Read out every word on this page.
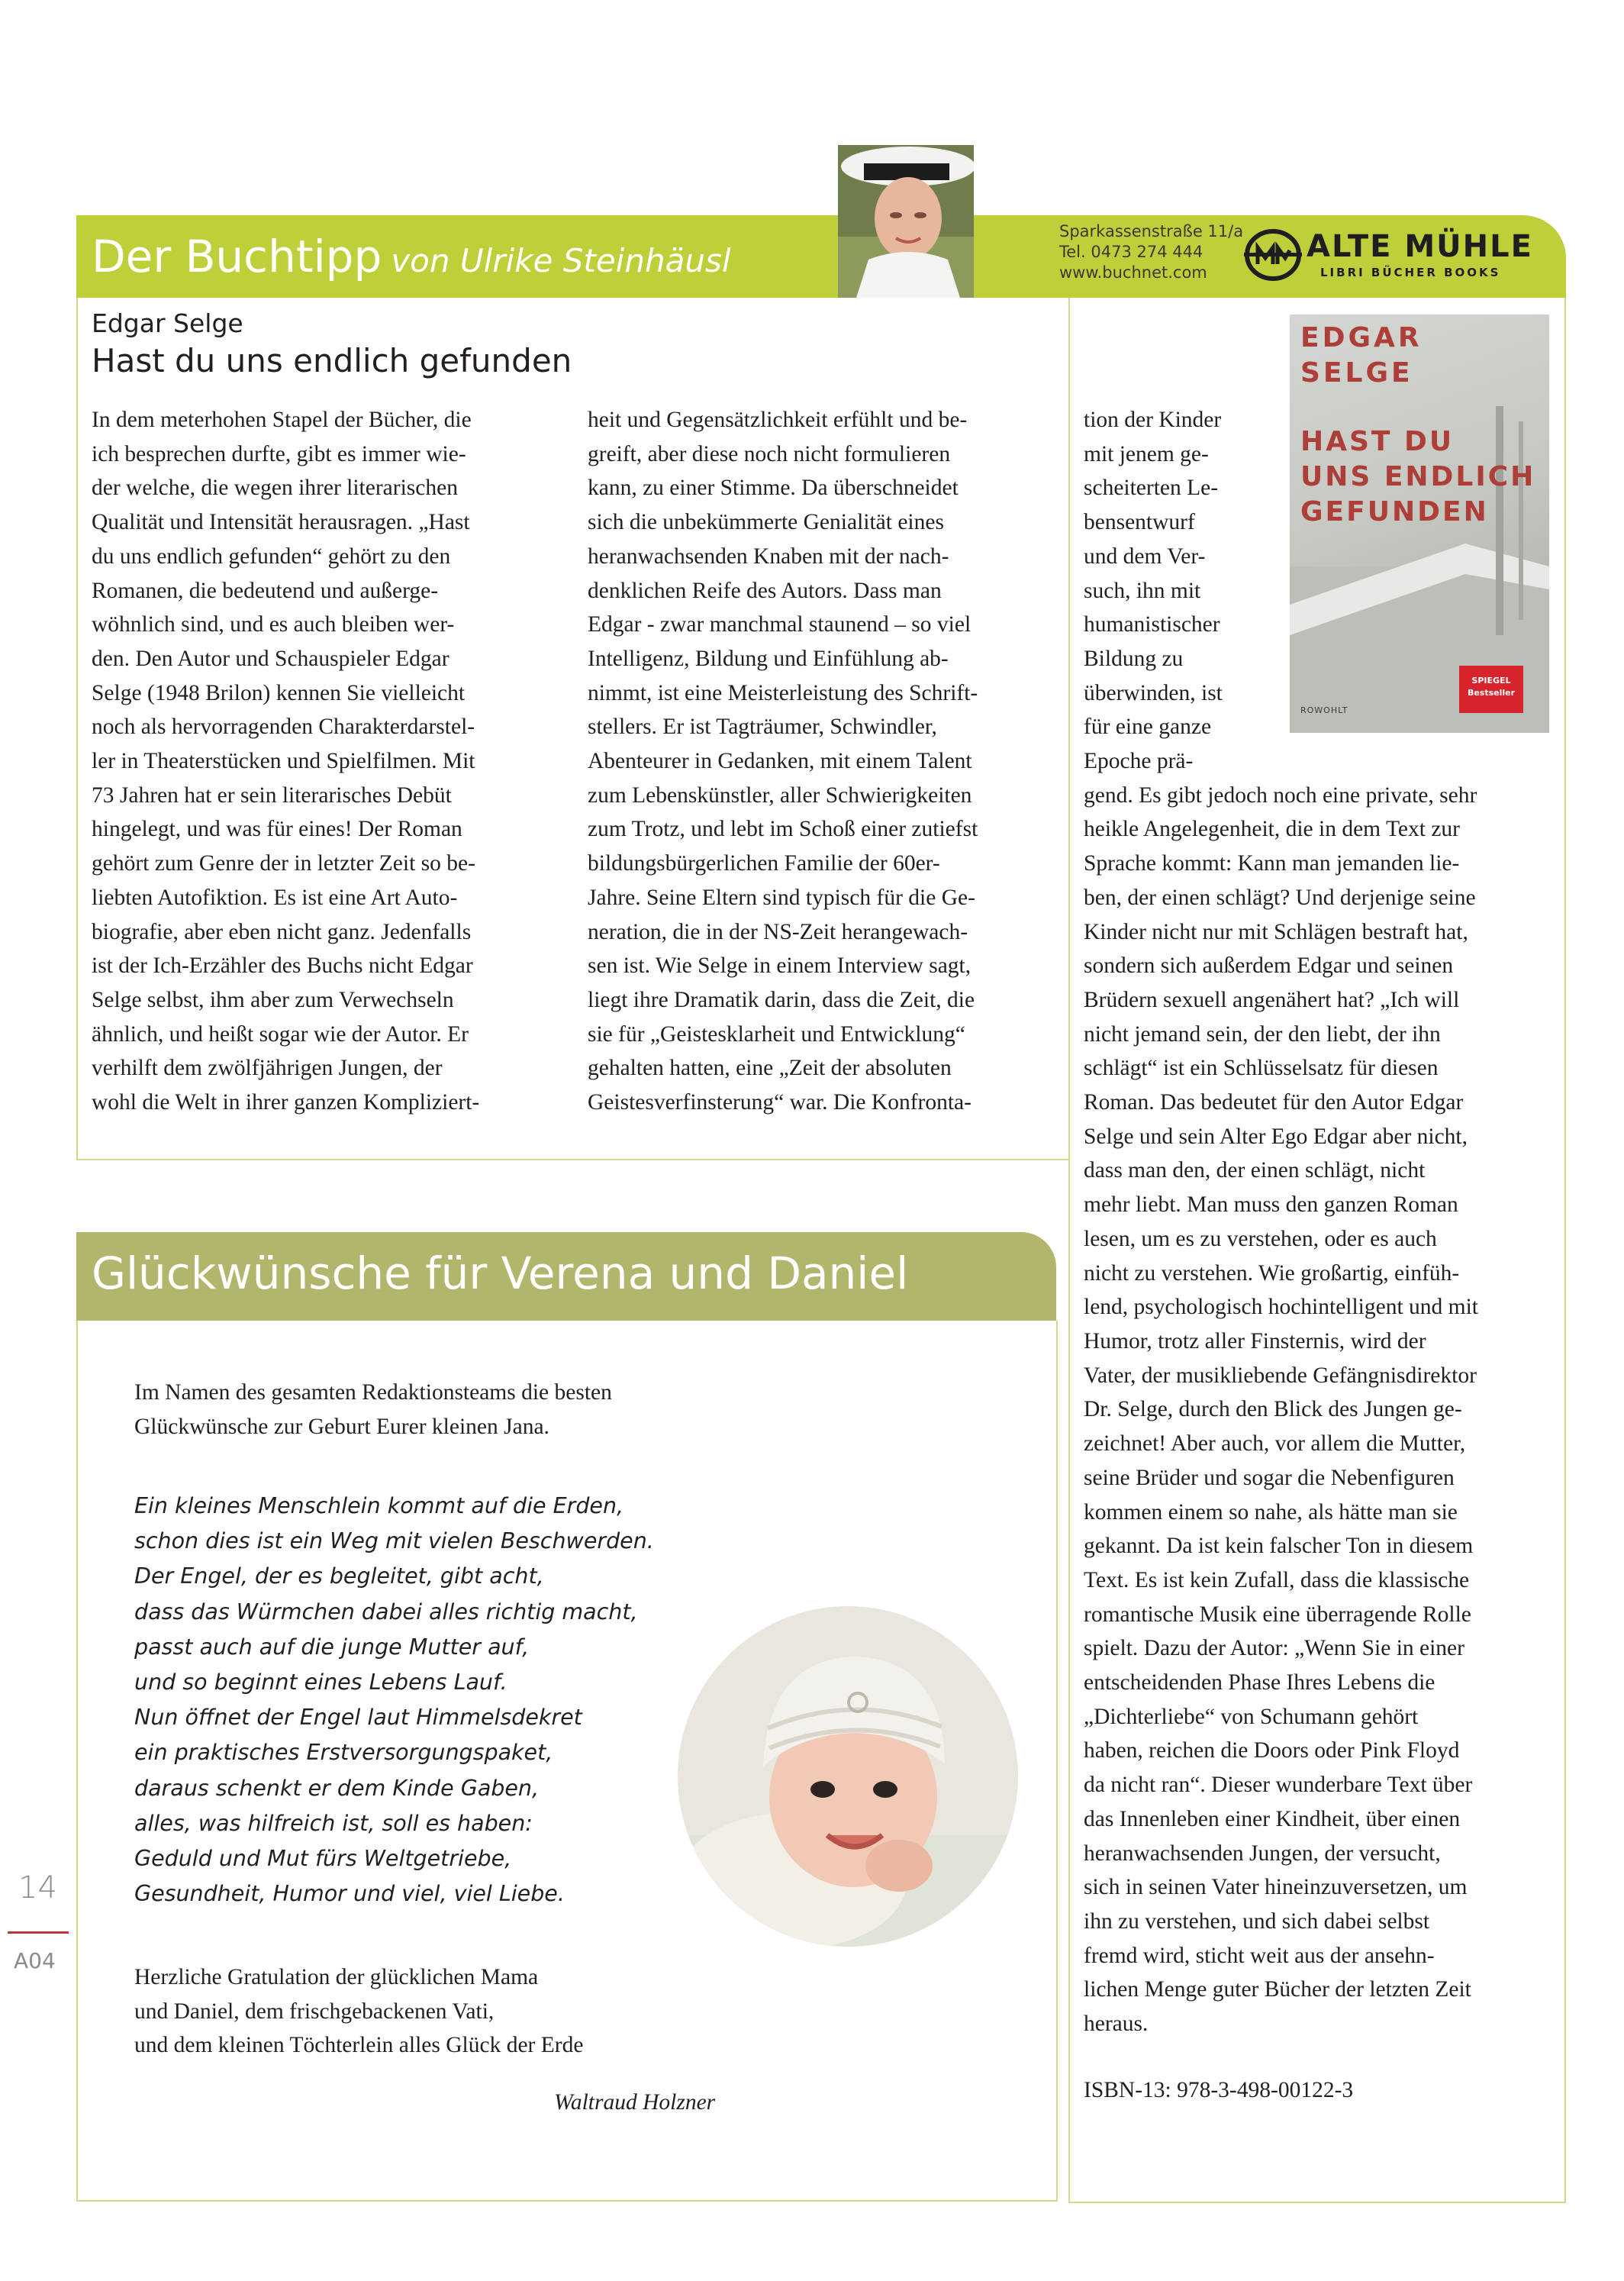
Der Buchtipp von Ulrike Steinhäusl
Sparkassenstraße 11/a
Tel. 0473 274 444
www.buchnet.com
ALTE MÜHLE
LIBRI BÜCHER BOOKS
Edgar Selge
Hast du uns endlich gefunden
EDGAR
SELGE
HAST DU
UNS ENDLICH
GEFUNDEN
ROWOHLT
SPIEGEL
Bestseller
In dem meterhohen Stapel der Bücher, die
ich besprechen durfte, gibt es immer wie-
der welche, die wegen ihrer literarischen
Qualität und Intensität herausragen. „Hast
du uns endlich gefunden“ gehört zu den
Romanen, die bedeutend und außerge-
wöhnlich sind, und es auch bleiben wer-
den. Den Autor und Schauspieler Edgar
Selge (1948 Brilon) kennen Sie vielleicht
noch als hervorragenden Charakterdarstel-
ler in Theaterstücken und Spielfilmen. Mit
73 Jahren hat er sein literarisches Debüt
hingelegt, und was für eines! Der Roman
gehört zum Genre der in letzter Zeit so be-
liebten Autofiktion. Es ist eine Art Auto-
biografie, aber eben nicht ganz. Jedenfalls
ist der Ich-Erzähler des Buchs nicht Edgar
Selge selbst, ihm aber zum Verwechseln
ähnlich, und heißt sogar wie der Autor. Er
verhilft dem zwölfjährigen Jungen, der
wohl die Welt in ihrer ganzen Kompliziert-
heit und Gegensätzlichkeit erfühlt und be-
greift, aber diese noch nicht formulieren
kann, zu einer Stimme. Da überschneidet
sich die unbekümmerte Genialität eines
heranwachsenden Knaben mit der nach-
denklichen Reife des Autors. Dass man
Edgar - zwar manchmal staunend – so viel
Intelligenz, Bildung und Einfühlung ab-
nimmt, ist eine Meisterleistung des Schrift-
stellers. Er ist Tagträumer, Schwindler,
Abenteurer in Gedanken, mit einem Talent
zum Lebenskünstler, aller Schwierigkeiten
zum Trotz, und lebt im Schoß einer zutiefst
bildungsbürgerlichen Familie der 60er-
Jahre. Seine Eltern sind typisch für die Ge-
neration, die in der NS-Zeit herangewach-
sen ist. Wie Selge in einem Interview sagt,
liegt ihre Dramatik darin, dass die Zeit, die
sie für „Geistesklarheit und Entwicklung“
gehalten hatten, eine „Zeit der absoluten
Geistesverfinsterung“ war. Die Konfronta-
tion der Kinder
mit jenem ge-
scheiterten Le-
bensentwurf
und dem Ver-
such, ihn mit
humanistischer
Bildung zu
überwinden, ist
für eine ganze
Epoche prä-
gend. Es gibt jedoch noch eine private, sehr
heikle Angelegenheit, die in dem Text zur
Sprache kommt: Kann man jemanden lie-
ben, der einen schlägt? Und derjenige seine
Kinder nicht nur mit Schlägen bestraft hat,
sondern sich außerdem Edgar und seinen
Brüdern sexuell angenähert hat? „Ich will
nicht jemand sein, der den liebt, der ihn
schlägt“ ist ein Schlüsselsatz für diesen
Roman. Das bedeutet für den Autor Edgar
Selge und sein Alter Ego Edgar aber nicht,
dass man den, der einen schlägt, nicht
mehr liebt. Man muss den ganzen Roman
lesen, um es zu verstehen, oder es auch
nicht zu verstehen. Wie großartig, einfüh-
lend, psychologisch hochintelligent und mit
Humor, trotz aller Finsternis, wird der
Vater, der musikliebende Gefängnisdirektor
Dr. Selge, durch den Blick des Jungen ge-
zeichnet! Aber auch, vor allem die Mutter,
seine Brüder und sogar die Nebenfiguren
kommen einem so nahe, als hätte man sie
gekannt. Da ist kein falscher Ton in diesem
Text. Es ist kein Zufall, dass die klassische
romantische Musik eine überragende Rolle
spielt. Dazu der Autor: „Wenn Sie in einer
entscheidenden Phase Ihres Lebens die
„Dichterliebe“ von Schumann gehört
haben, reichen die Doors oder Pink Floyd
da nicht ran“. Dieser wunderbare Text über
das Innenleben einer Kindheit, über einen
heranwachsenden Jungen, der versucht,
sich in seinen Vater hineinzuversetzen, um
ihn zu verstehen, und sich dabei selbst
fremd wird, sticht weit aus der ansehn-
lichen Menge guter Bücher der letzten Zeit
heraus.
ISBN-13: 978-3-498-00122-3
Glückwünsche für Verena und Daniel
Im Namen des gesamten Redaktionsteams die besten
Glückwünsche zur Geburt Eurer kleinen Jana.
Ein kleines Menschlein kommt auf die Erden,
schon dies ist ein Weg mit vielen Beschwerden.
Der Engel, der es begleitet, gibt acht,
dass das Würmchen dabei alles richtig macht,
passt auch auf die junge Mutter auf,
und so beginnt eines Lebens Lauf.
Nun öffnet der Engel laut Himmelsdekret
ein praktisches Erstversorgungspaket,
daraus schenkt er dem Kinde Gaben,
alles, was hilfreich ist, soll es haben:
Geduld und Mut fürs Weltgetriebe,
Gesundheit, Humor und viel, viel Liebe.
Herzliche Gratulation der glücklichen Mama
und Daniel, dem frischgebackenen Vati,
und dem kleinen Töchterlein alles Glück der Erde
Waltraud Holzner
14
A04
